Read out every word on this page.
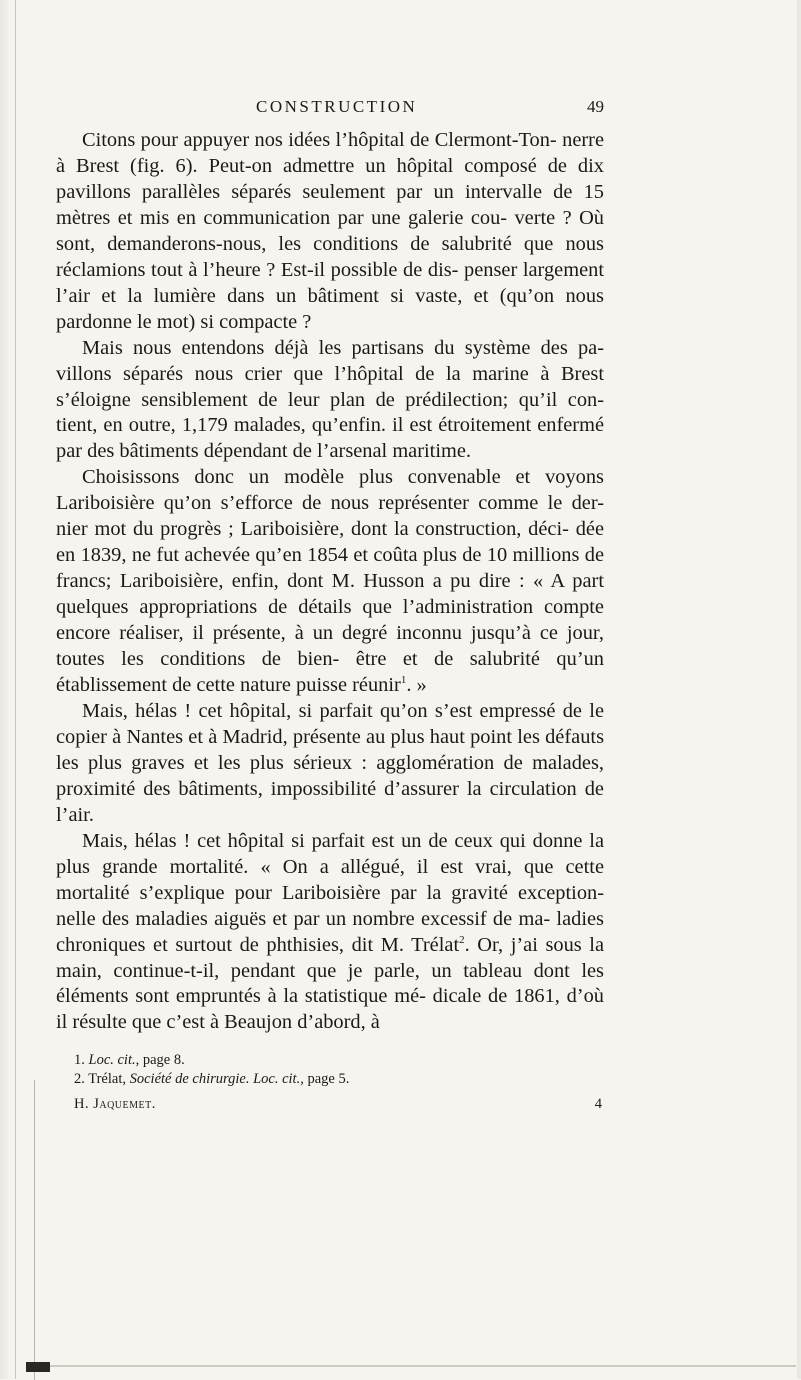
CONSTRUCTION	49

Citons pour appuyer nos idées l’hôpital de Clermont-Ton- nerre à Brest (fig. 6). Peut-on admettre un hôpital composé de dix pavillons parallèles séparés seulement par un intervalle de 15 mètres et mis en communication par une galerie cou- verte ? Où sont, demanderons-nous, les conditions de salubrité que nous réclamions tout à l’heure ? Est-il possible de dis- penser largement l’air et la lumière dans un bâtiment si vaste, et (qu’on nous pardonne le mot) si compacte ?

Mais nous entendons déjà les partisans du système des pa- villons séparés nous crier que l’hôpital de la marine à Brest s’éloigne sensiblement de leur plan de prédilection; qu’il con- tient, en outre, 1,179 malades, qu’enfin. il est étroitement enfermé par des bâtiments dépendant de l’arsenal maritime.

Choisissons donc un modèle plus convenable et voyons Lariboisière qu’on s’efforce de nous représenter comme le der- nier mot du progrès ; Lariboisière, dont la construction, déci- dée en 1839, ne fut achevée qu’en 1854 et coûta plus de 10 millions de francs; Lariboisière, enfin, dont M. Husson a pu dire : « A part quelques appropriations de détails que l’administration compte encore réaliser, il présente, à un degré inconnu jusqu’à ce jour, toutes les conditions de bien- être et de salubrité qu’un établissement de cette nature puisse réunir$^1$. »

Mais, hélas ! cet hôpital, si parfait qu’on s’est empressé de le copier à Nantes et à Madrid, présente au plus haut point les défauts les plus graves et les plus sérieux : agglomération de malades, proximité des bâtiments, impossibilité d’assurer la circulation de l’air.

Mais, hélas ! cet hôpital si parfait est un de ceux qui donne la plus grande mortalité. « On a allégué, il est vrai, que cette mortalité s’explique pour Lariboisière par la gravité exception- nelle des maladies aiguës et par un nombre excessif de ma- ladies chroniques et surtout de phthisies, dit M. Trélat$^2$. Or, j’ai sous la main, continue-t-il, pendant que je parle, un tableau dont les éléments sont empruntés à la statistique mé- dicale de 1861, d’où il résulte que c’est à Beaujon d’abord, à

1. Loc. cit., page 8.

2. Trélat, Société de chirurgie. Loc. cit., page 5.

H. Jaquemet.	4
